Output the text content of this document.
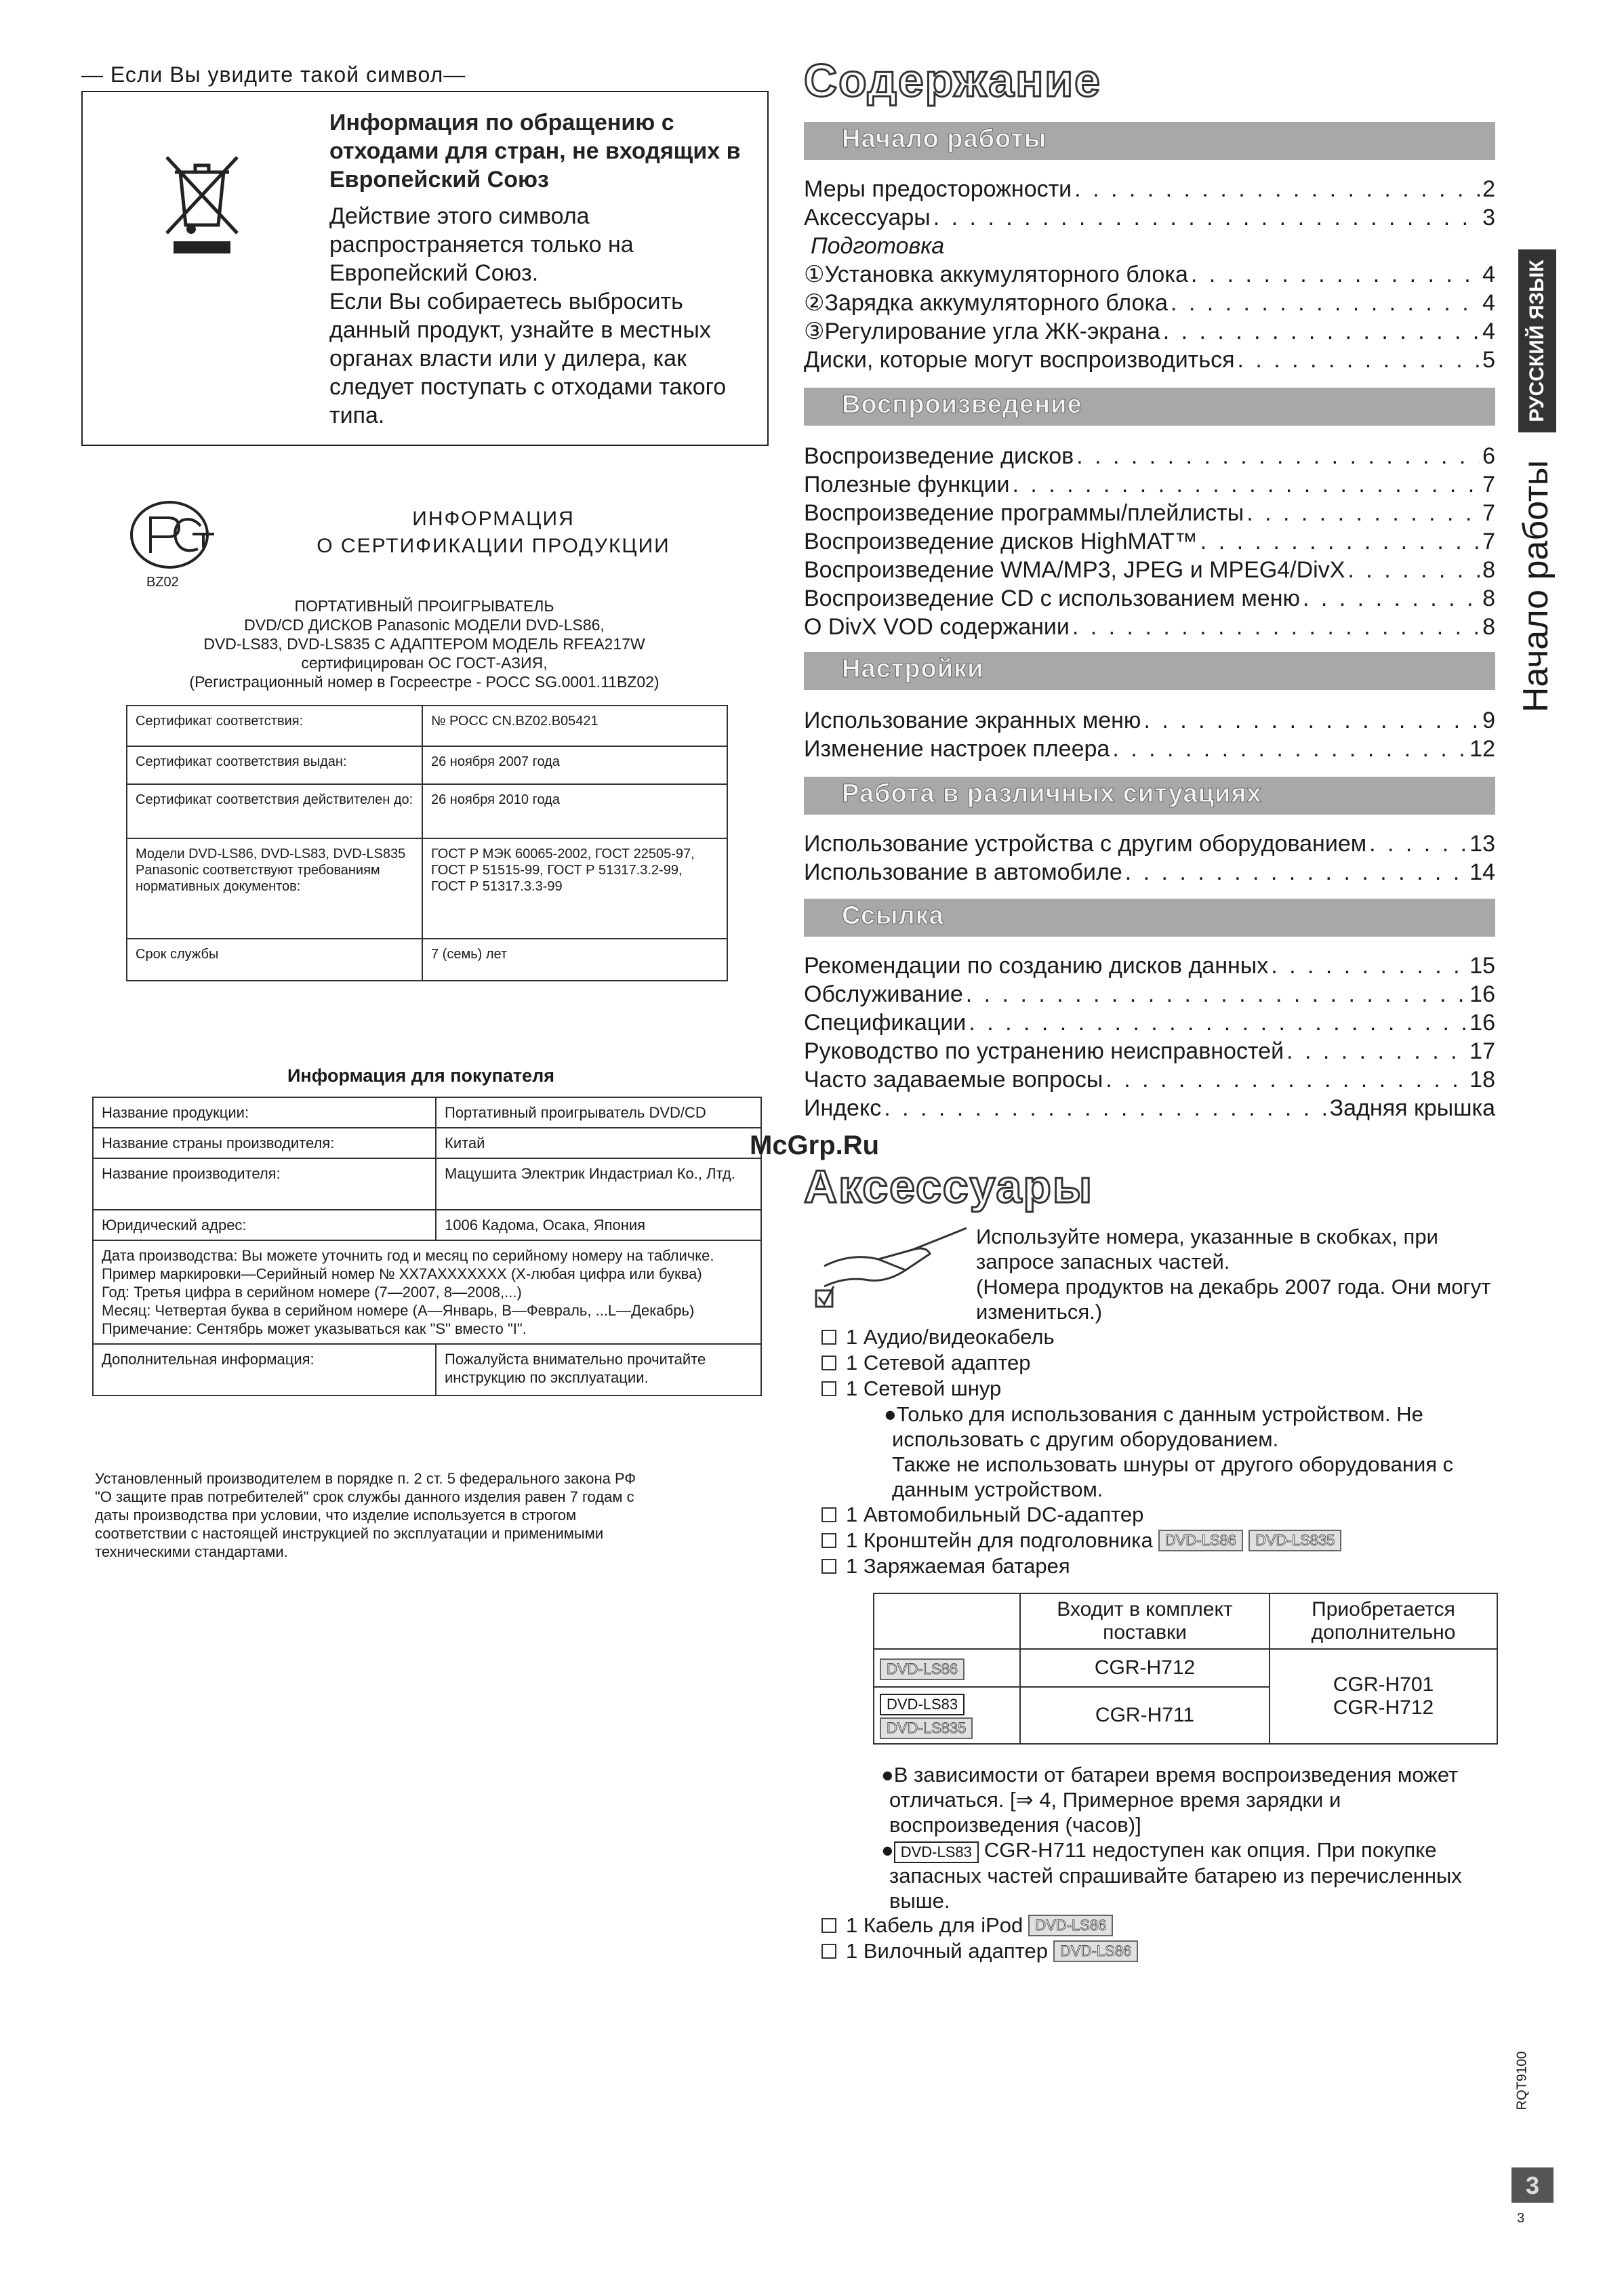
— Если Вы увидите такой символ—
Информация по обращению с отходами для стран, не входящих в Европейский Союз

Действие этого символа распространяется только на Европейский Союз.

Если Вы собираетесь выбросить данный продукт, узнайте в местных органах власти или у дилера, как следует поступать с отходами такого типа.

BZ02
ИНФОРМАЦИЯ
О СЕРТИФИКАЦИИ ПРОДУКЦИИ
ПОРТАТИВНЫЙ ПРОИГРЫВАТЕЛЬ
DVD/CD ДИСКОВ Panasonic МОДЕЛИ DVD-LS86,
DVD-LS83, DVD-LS835 С АДАПТЕРОМ МОДЕЛЬ RFEA217W
сертифицирован ОС ГОСТ-АЗИЯ,
(Регистрационный номер в Госреестре - РОСС SG.0001.11BZ02)
Сертификат соответствия:	№ РОСС CN.BZ02.B05421
Сертификат соответствия выдан:	26 ноября 2007 года
Сертификат соответствия действителен до:	26 ноября 2010 года
Модели DVD-LS86, DVD-LS83, DVD-LS835 Panasonic соответствуют требованиям нормативных документов:	ГОСТ Р МЭК 60065-2002, ГОСТ 22505-97, ГОСТ Р 51515-99, ГОСТ Р 51317.3.2-99, ГОСТ Р 51317.3.3-99
Срок службы	7 (семь) лет
Информация для покупателя
Название продукции:	Портативный проигрыватель DVD/CD
Название страны производителя:	Китай
Название производителя:	Мацушита Электрик Индастриал Ко., Лтд.
Юридический адрес:	1006 Кадома, Осака, Япония

Дата производства: Вы можете уточнить год и месяц по серийному номеру на табличке.
Пример маркировки—Серийный номер № XX7AXXXXXXX (X-любая цифра или буква)
Год: Третья цифра в серийном номере (7—2007, 8—2008,...)
Месяц: Четвертая буква в серийном номере (А—Январь, В—Февраль, ...L—Декабрь)
Примечание: Сентябрь может указываться как "S" вместо "I".	

Дополнительная информация:	Пожалуйста внимательно прочитайте инструкцию по эксплуатации.
Установленный производителем в порядке п. 2 ст. 5 федерального закона РФ
"О защите прав потребителей" срок службы данного изделия равен 7 годам с
даты производства при условии, что изделие используется в строгом
соответствии с настоящей инструкцией по эксплуатации и применимыми
техническими стандартами.
Содержание
Начало работы
Меры предосторожности . . .	2
Аксессуары . . .	3
Подготовка
①Установка аккумуляторного блока . . .	4
②Зарядка аккумуляторного блока . . .	4
③Регулирование угла ЖК-экрана . . .	4
Диски, которые могут воспроизводиться . . .	5
Воспроизведение
Воспроизведение дисков . . .	6
Полезные функции . . .	7
Воспроизведение программы/плейлисты . . .	7
Воспроизведение дисков HighMAT™ . . .	7
Воспроизведение WMA/MP3, JPEG и MPEG4/DivX . . .	8
Воспроизведение CD с использованием меню . . .	8
О DivX VOD содержании . . .	8
Настройки
Использование экранных меню . . .	9
Изменение настроек плеера . . .	12
Работа в различных ситуациях
Использование устройства с другим оборудованием . . .	13
Использование в автомобиле . . .	14
Ссылка
Рекомендации по созданию дисков данных . . .	15
Обслуживание . . .	16
Спецификации . . .	16
Руководство по устранению неисправностей . . .	17
Часто задаваемые вопросы . . .	18
Индекс . . .	Задняя крышка
РУССКИЙ ЯЗЫК
Начало работы
McGrp.Ru
Аксессуары
Используйте номера, указанные в скобках, при
запросе запасных частей.
(Номера продуктов на декабрь 2007 года. Они могут
измениться.)
1 Аудио/видеокабель
1 Сетевой адаптер
1 Сетевой шнур
●Только для использования с данным устройством. Не
использовать с другим оборудованием.
Также не использовать шнуры от другого оборудования с
данным устройством.
1 Автомобильный DC-адаптер
1 Кронштейн для подголовника DVD-LS86	DVD-LS835
1 Заряжаемая батарея
	Входит в комплект поставки	Приобретается дополнительно
DVD-LS86	CGR-H712	CGR-H701 CGR-H712

DVD-LS83
DVD-LS835	CGR-H711	
●В зависимости от батареи время воспроизведения может
отличаться. [⇒ 4, Примерное время зарядки и
воспроизведения (часов)]
● DVD-LS83 CGR-H711 недоступен как опция. При покупке
запасных частей спрашивайте батарею из перечисленных
выше.
1 Кабель для iPod DVD-LS86
1 Вилочный адаптер DVD-LS86
RQT9100
3
3
